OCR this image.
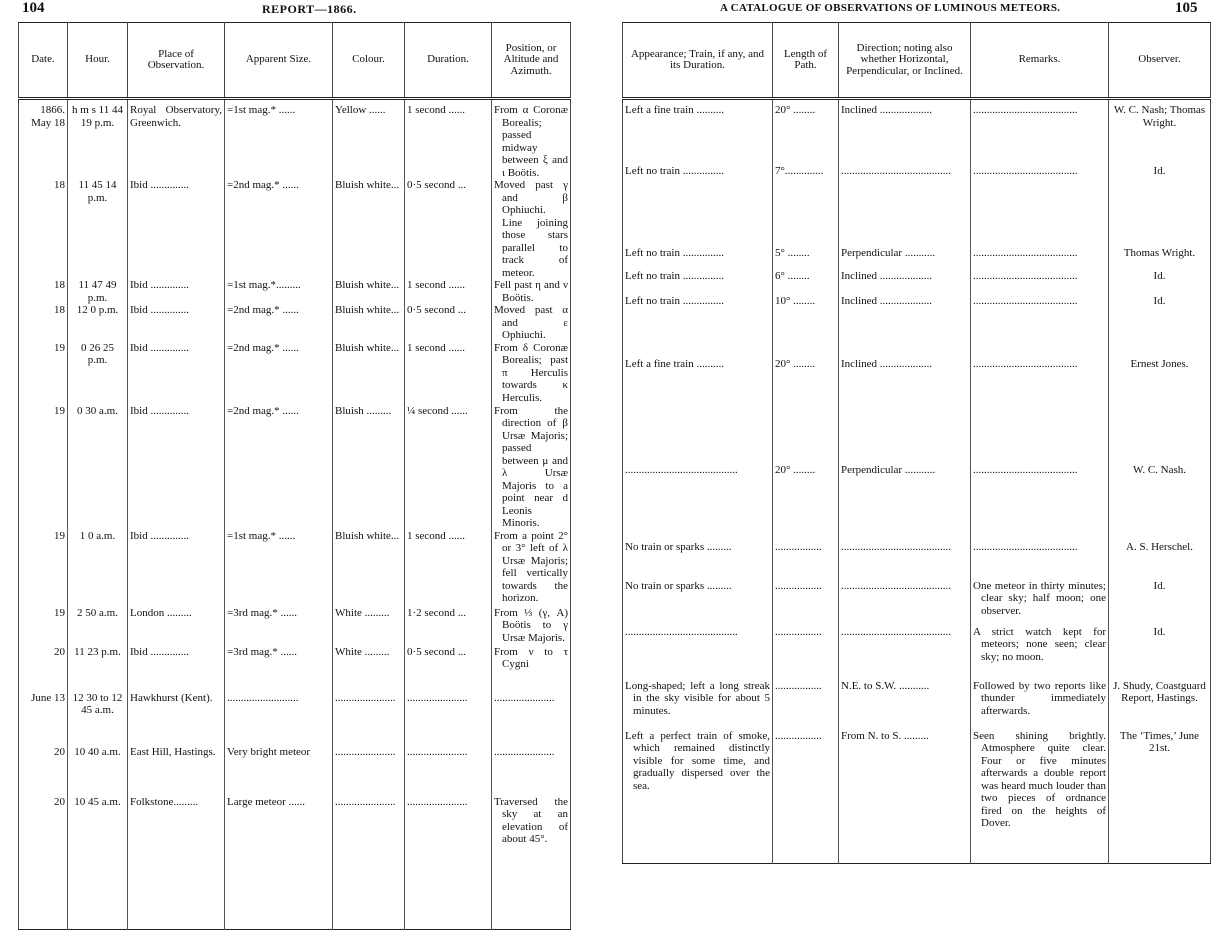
104	REPORT—1866.
Date.	Hour.	Place of Observation.	Apparent Size.	Colour.	Duration.	Position, or Altitude and Azimuth.
1866. May 18	h m s 11 44 19 p.m.	Royal Observatory, Greenwich.	=1st mag.* ......	Yellow ......	1 second ......	From α Coronæ Borealis; passed midway between ξ and ι Boötis.
18	11 45 14 p.m.	Ibid ..............	=2nd mag.* ......	Bluish white...	0·5 second ...	Moved past γ and β Ophiuchi. Line joining those stars parallel to track of meteor.
18	11 47 49 p.m.	Ibid ..............	=1st mag.*.........	Bluish white...	1 second ......	Fell past η and ν Boötis.
18	12 0 p.m.	Ibid ..............	=2nd mag.* ......	Bluish white...	0·5 second ...	Moved past α and ε Ophiuchi.
19	0 26 25 p.m.	Ibid ..............	=2nd mag.* ......	Bluish white...	1 second ......	From δ Coronæ Borealis; past π Herculis towards κ Herculis.
19	0 30 a.m.	Ibid ..............	=2nd mag.* ......	Bluish .........	¼ second ......	From the direction of β Ursæ Majoris; passed between μ and λ Ursæ Majoris to a point near d Leonis Minoris.
19	1 0 a.m.	Ibid ..............	=1st mag.* ......	Bluish white...	1 second ......	From a point 2° or 3° left of λ Ursæ Majoris; fell vertically towards the horizon.
19	2 50 a.m.	London .........	=3rd mag.* ......	White .........	1·2 second ...	From ⅓ (γ, A) Boötis to γ Ursæ Majoris.
20	11 23 p.m.	Ibid ..............	=3rd mag.* ......	White .........	0·5 second ...	From ν to τ Cygni
June 13	12 30 to 12 45 a.m.	Hawkhurst (Kent).	..........................	......................	......................	......................
20	10 40 a.m.	East Hill, Hastings.	Very bright meteor	......................	......................	......................
20	10 45 a.m.	Folkstone.........	Large meteor ......	......................	......................	Traversed the sky at an elevation of about 45°.
A CATALOGUE OF OBSERVATIONS OF LUMINOUS METEORS.	105
Appearance; Train, if any, and its Duration.	Length of Path.	Direction; noting also whether Horizontal, Perpendicular, or Inclined.	Remarks.	Observer.
Left a fine train ..........	20° ........	Inclined ...................	......................................	W. C. Nash; Thomas Wright.
Left no train ...............	7°..............	........................................	......................................	Id.
Left no train ...............	5° ........	Perpendicular ...........	......................................	Thomas Wright.
Left no train ...............	6° ........	Inclined ...................	......................................	Id.
Left no train ...............	10° ........	Inclined ...................	......................................	Id.
Left a fine train ..........	20° ........	Inclined ...................	......................................	Ernest Jones.
.........................................	20° ........	Perpendicular ...........	......................................	W. C. Nash.
No train or sparks .........	.................	........................................	......................................	A. S. Herschel.
No train or sparks .........	.................	........................................	One meteor in thirty minutes; clear sky; half moon; one observer.	Id.
.........................................	.................	........................................	A strict watch kept for meteors; none seen; clear sky; no moon.	Id.
Long-shaped; left a long streak in the sky visible for about 5 minutes.	.................	N.E. to S.W. ...........	Followed by two reports like thunder immediately afterwards.	J. Shudy, Coastguard Report, Hastings.
Left a perfect train of smoke, which remained distinctly visible for some time, and gradually dispersed over the sea.	.................	From N. to S. .........	Seen shining brightly. Atmosphere quite clear. Four or five minutes afterwards a double report was heard much louder than two pieces of ordnance fired on the heights of Dover.	The ‘Times,’ June 21st.
